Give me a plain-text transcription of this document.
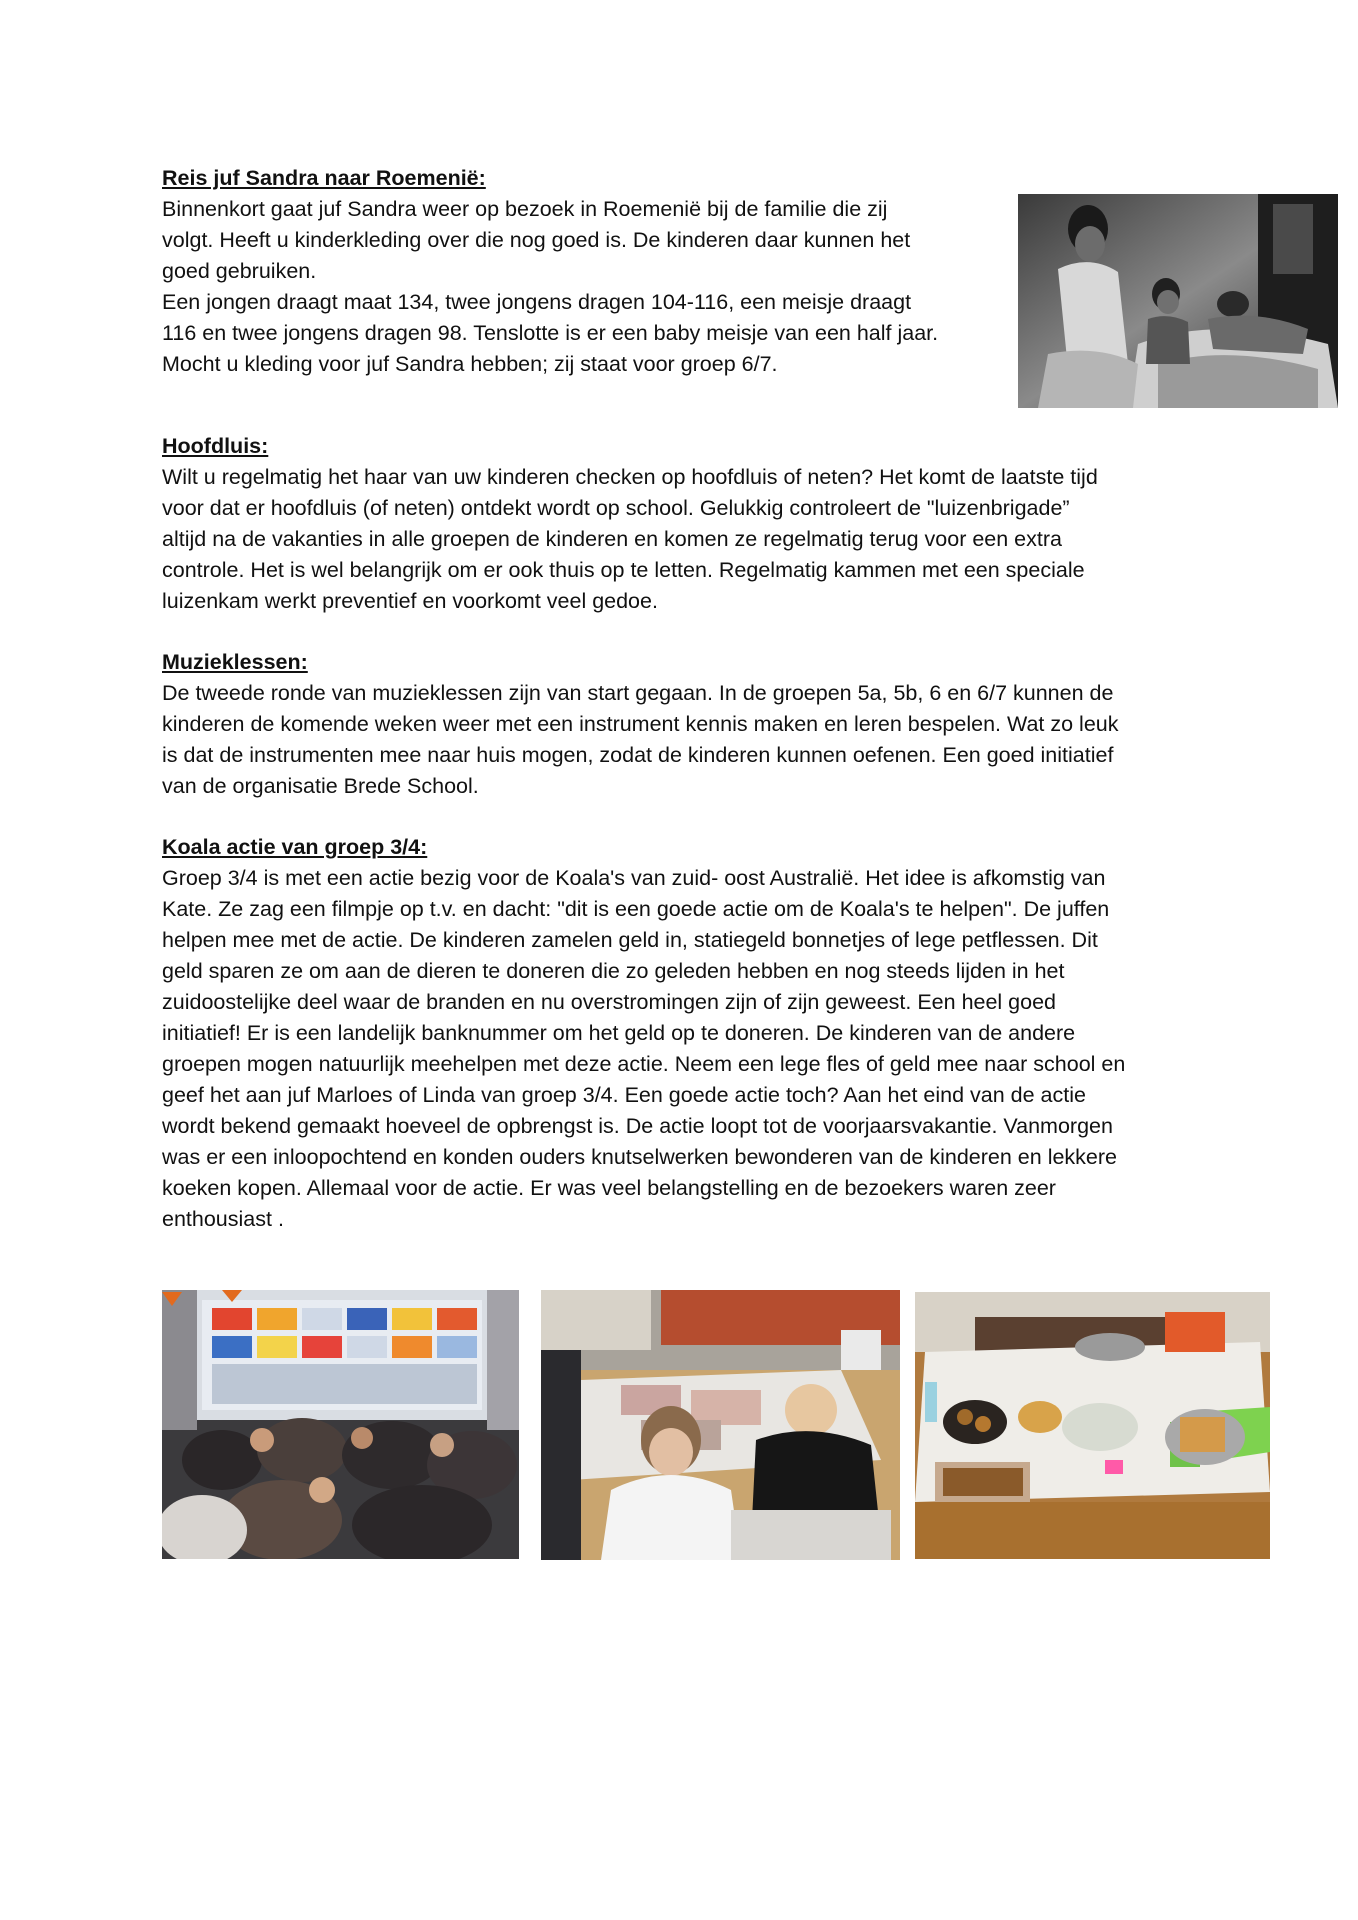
Reis juf Sandra naar Roemenië:

Binnenkort gaat juf Sandra weer op bezoek in Roemenië bij de familie die zij

volgt. Heeft u kinderkleding over die nog goed is. De kinderen daar kunnen het

goed gebruiken.

Een jongen draagt maat 134, twee jongens dragen 104-116, een meisje draagt

116 en twee jongens dragen 98. Tenslotte is er een baby meisje van een half jaar.

Mocht u kleding voor juf Sandra hebben; zij staat voor groep 6/7.

Hoofdluis:

Wilt u regelmatig het haar van uw kinderen checken op hoofdluis of neten? Het komt de laatste tijd

voor dat er hoofdluis (of neten) ontdekt wordt op school. Gelukkig controleert de "luizenbrigade”

altijd na de vakanties in alle groepen de kinderen en komen ze regelmatig terug voor een extra

controle. Het is wel belangrijk om er ook thuis op te letten. Regelmatig kammen met een speciale

luizenkam werkt preventief en voorkomt veel gedoe.

Muzieklessen:

De tweede ronde van muzieklessen zijn van start gegaan. In de groepen 5a, 5b, 6 en 6/7 kunnen de

kinderen de komende weken weer met een instrument kennis maken en leren bespelen. Wat zo leuk

is dat de instrumenten mee naar huis mogen, zodat de kinderen kunnen oefenen. Een goed initiatief

van de organisatie Brede School.

Koala actie van groep 3/4:

Groep 3/4 is met een actie bezig voor de Koala's van zuid- oost Australië. Het idee is afkomstig van

Kate. Ze zag een filmpje op t.v. en dacht: "dit is een goede actie om de Koala's te helpen". De juffen

helpen mee met de actie. De kinderen zamelen geld in, statiegeld bonnetjes of lege petflessen. Dit

geld sparen ze om aan de dieren te doneren die zo geleden hebben en nog steeds lijden in het

zuidoostelijke deel waar de branden en nu overstromingen zijn of zijn geweest. Een heel goed

initiatief! Er is een landelijk banknummer om het geld op te doneren. De kinderen van de andere

groepen mogen natuurlijk meehelpen met deze actie. Neem een lege fles of geld mee naar school en

geef het aan juf Marloes of Linda van groep 3/4. Een goede actie toch? Aan het eind van de actie

wordt bekend gemaakt hoeveel de opbrengst is. De actie loopt tot de voorjaarsvakantie. Vanmorgen

was er een inloopochtend en konden ouders knutselwerken bewonderen van de kinderen en lekkere

koeken kopen. Allemaal voor de actie. Er was veel belangstelling en de bezoekers waren zeer

enthousiast .
